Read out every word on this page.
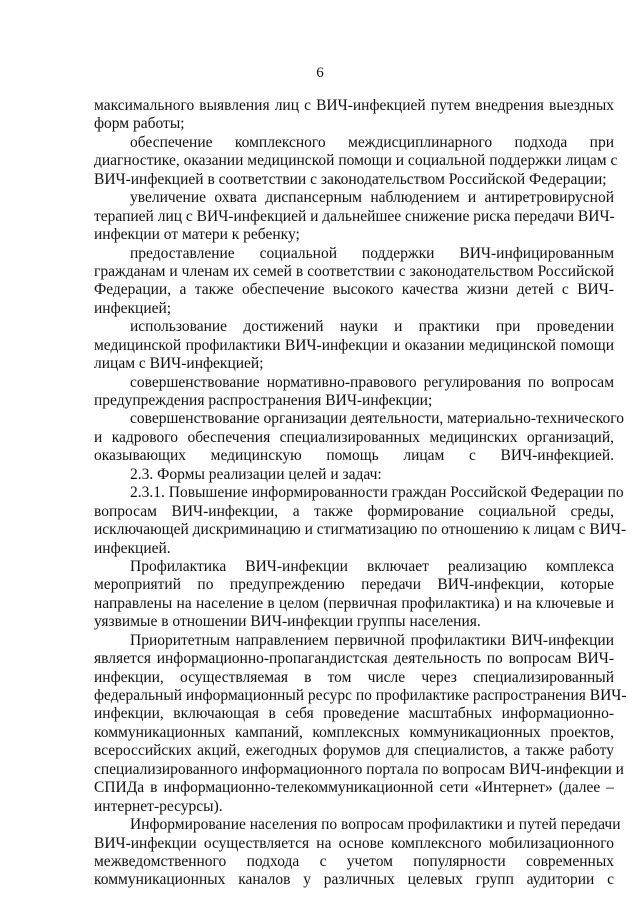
6
максимального выявления лиц с ВИЧ-инфекцией путем внедрения выездных
форм работы;
обеспечение комплексного междисциплинарного подхода при
диагностике, оказании медицинской помощи и социальной поддержки лицам с
ВИЧ-инфекцией в соответствии с законодательством Российской Федерации;
увеличение охвата диспансерным наблюдением и антиретровирусной
терапией лиц с ВИЧ-инфекцией и дальнейшее снижение риска передачи ВИЧ-
инфекции от матери к ребенку;
предоставление социальной поддержки ВИЧ-инфицированным
гражданам и членам их семей в соответствии с законодательством Российской
Федерации, а также обеспечение высокого качества жизни детей с ВИЧ-
инфекцией;
использование достижений науки и практики при проведении
медицинской профилактики ВИЧ-инфекции и оказании медицинской помощи
лицам с ВИЧ-инфекцией;
совершенствование нормативно-правового регулирования по вопросам
предупреждения распространения ВИЧ-инфекции;
совершенствование организации деятельности, материально-технического
и кадрового обеспечения специализированных медицинских организаций,
оказывающих медицинскую помощь лицам с ВИЧ-инфекцией.
2.3. Формы реализации целей и задач:
2.3.1. Повышение информированности граждан Российской Федерации по
вопросам ВИЧ-инфекции, а также формирование социальной среды,
исключающей дискриминацию и стигматизацию по отношению к лицам с ВИЧ-
инфекцией.
Профилактика ВИЧ-инфекции включает реализацию комплекса
мероприятий по предупреждению передачи ВИЧ-инфекции, которые
направлены на население в целом (первичная профилактика) и на ключевые и
уязвимые в отношении ВИЧ-инфекции группы населения.
Приоритетным направлением первичной профилактики ВИЧ-инфекции
является информационно-пропагандистская деятельность по вопросам ВИЧ-
инфекции, осуществляемая в том числе через специализированный
федеральный информационный ресурс по профилактике распространения ВИЧ-
инфекции, включающая в себя проведение масштабных информационно-
коммуникационных кампаний, комплексных коммуникационных проектов,
всероссийских акций, ежегодных форумов для специалистов, а также работу
специализированного информационного портала по вопросам ВИЧ-инфекции и
СПИДа в информационно-телекоммуникационной сети «Интернет» (далее –
интернет-ресурсы).
Информирование населения по вопросам профилактики и путей передачи
ВИЧ-инфекции осуществляется на основе комплексного мобилизационного
межведомственного подхода с учетом популярности современных
коммуникационных каналов у различных целевых групп аудитории с
